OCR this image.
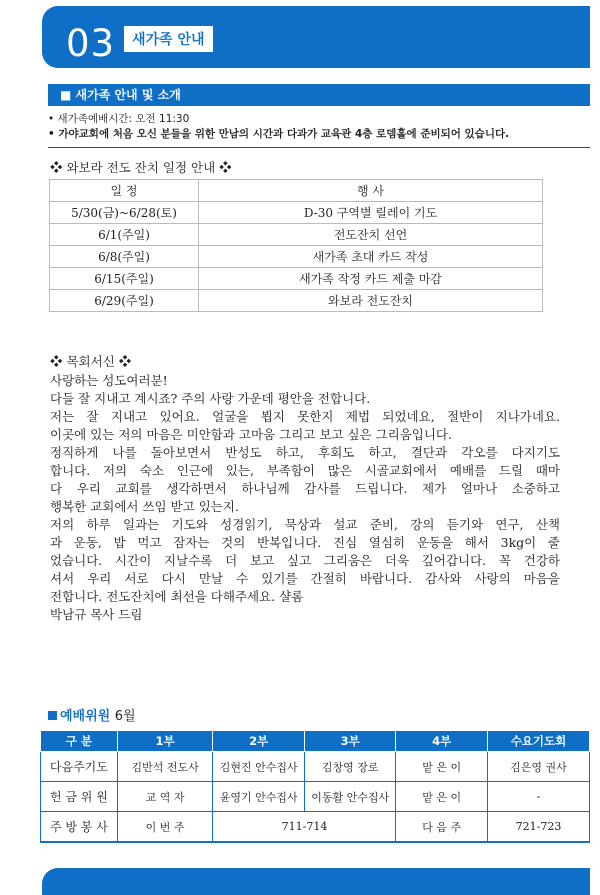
03	새가족 안내
■ 새가족 안내 및 소개
• 새가족예배시간: 오전 11:30
• 가야교회에 처음 오신 분들을 위한 만남의 시간과 다과가 교육관 4층 로뎀홀에 준비되어 있습니다.
❖ 와보라 전도 잔치 일정 안내 ❖
일 정	행 사
5/30(금)~6/28(토)	D-30 구역별 릴레이 기도
6/1(주일)	전도잔치 선언
6/8(주일)	새가족 초대 카드 작성
6/15(주일)	새가족 작정 카드 제출 마감
6/29(주일)	와보라 전도잔치
❖ 목회서신 ❖

사랑하는 성도여러분!

다들 잘 지내고 계시죠? 주의 사랑 가운데 평안을 전합니다.

저는 잘 지내고 있어요. 얼굴을 뵙지 못한지 제법 되었네요, 절반이 지나가네요.

이곳에 있는 저의 마음은 미안함과 고마움 그리고 보고 싶은 그리움입니다.

정직하게 나를 돌아보면서 반성도 하고, 후회도 하고, 결단과 각오를 다지기도

합니다. 저의 숙소 인근에 있는, 부족함이 많은 시골교회에서 예배를 드릴 때마

다 우리 교회를 생각하면서 하나님께 감사를 드립니다. 제가 얼마나 소중하고

행복한 교회에서 쓰임 받고 있는지.

저의 하루 일과는 기도와 성경읽기, 묵상과 설교 준비, 강의 듣기와 연구, 산책

과 운동, 밥 먹고 잠자는 것의 반복입니다. 진심 열심히 운동을 해서 3kg이 줄

었습니다. 시간이 지날수록 더 보고 싶고 그리움은 더욱 깊어갑니다. 꼭 건강하

셔서 우리 서로 다시 만날 수 있기를 간절히 바랍니다. 감사와 사랑의 마음을

전합니다. 전도잔치에 최선을 다해주세요. 샬롬

박남규 목사 드림

예배위원 6월
구 분	1부	2부	3부	4부	수요기도회
다음주기도	김반석 전도사	김현진 안수집사	김창영 장로	맡 은 이	김은영 권사
헌 금 위 원	교 역 자	윤영기 안수집사	이동활 안수집사	맡 은 이	-
주 방 봉 사	이 번 주	711-714		다 음 주	721-723
